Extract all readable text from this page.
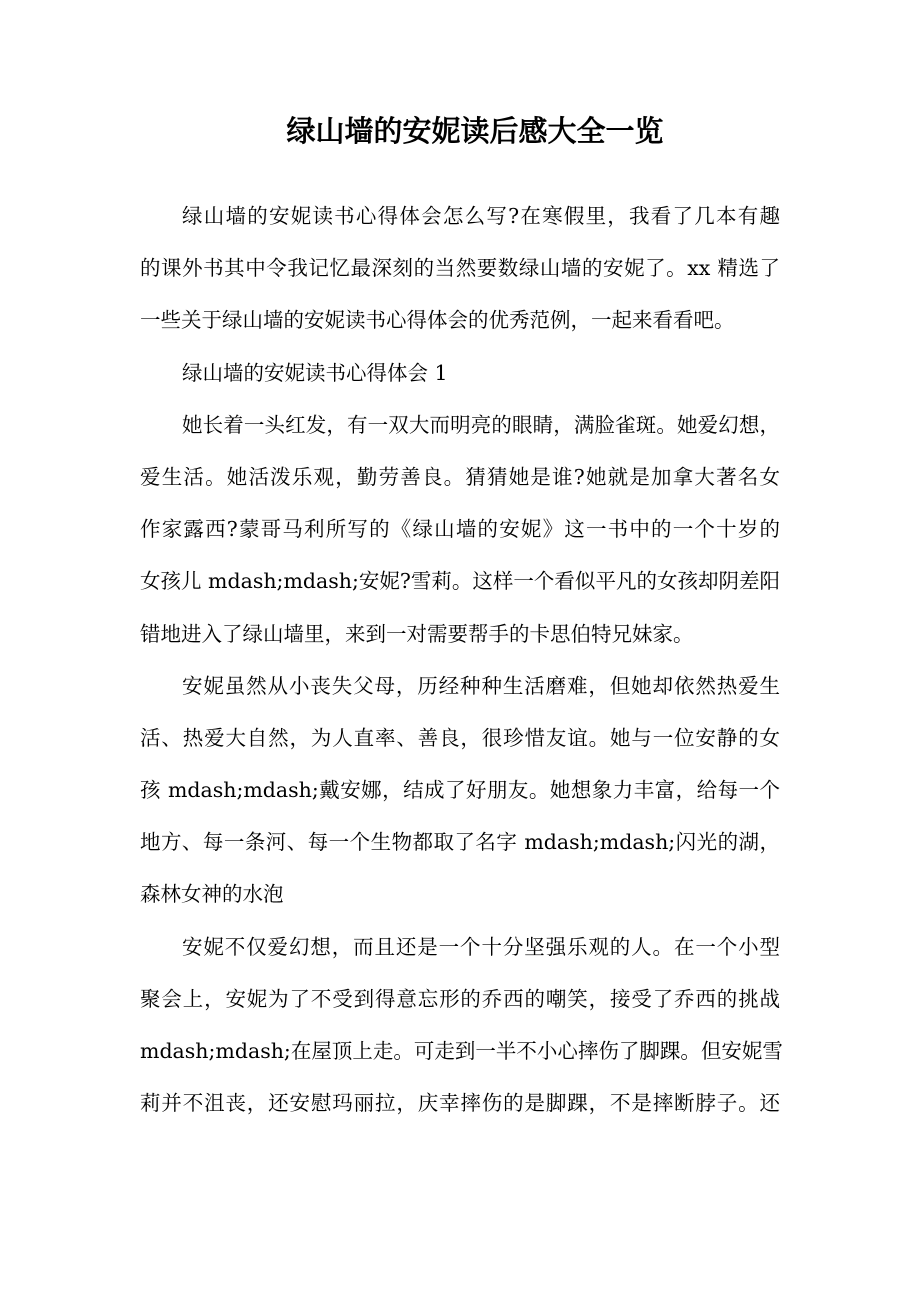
绿山墙的安妮读后感大全一览
绿山墙的安妮读书心得体会怎么写?在寒假里，我看了几本有趣
的课外书其中令我记忆最深刻的当然要数绿山墙的安妮了。xx 精选了
一些关于绿山墙的安妮读书心得体会的优秀范例，一起来看看吧。
绿山墙的安妮读书心得体会 1
她长着一头红发，有一双大而明亮的眼睛，满脸雀斑。她爱幻想，
爱生活。她活泼乐观，勤劳善良。猜猜她是谁?她就是加拿大著名女
作家露西?蒙哥马利所写的《绿山墙的安妮》这一书中的一个十岁的
女孩儿 mdash;mdash;安妮?雪莉。这样一个看似平凡的女孩却阴差阳
错地进入了绿山墙里，来到一对需要帮手的卡思伯特兄妹家。
安妮虽然从小丧失父母，历经种种生活磨难，但她却依然热爱生
活、热爱大自然，为人直率、善良，很珍惜友谊。她与一位安静的女
孩 mdash;mdash;戴安娜，结成了好朋友。她想象力丰富，给每一个
地方、每一条河、每一个生物都取了名字 mdash;mdash;闪光的湖，
森林女神的水泡
安妮不仅爱幻想，而且还是一个十分坚强乐观的人。在一个小型
聚会上，安妮为了不受到得意忘形的乔西的嘲笑，接受了乔西的挑战
mdash;mdash;在屋顶上走。可走到一半不小心摔伤了脚踝。但安妮雪
莉并不沮丧，还安慰玛丽拉，庆幸摔伤的是脚踝，不是摔断脖子。还
